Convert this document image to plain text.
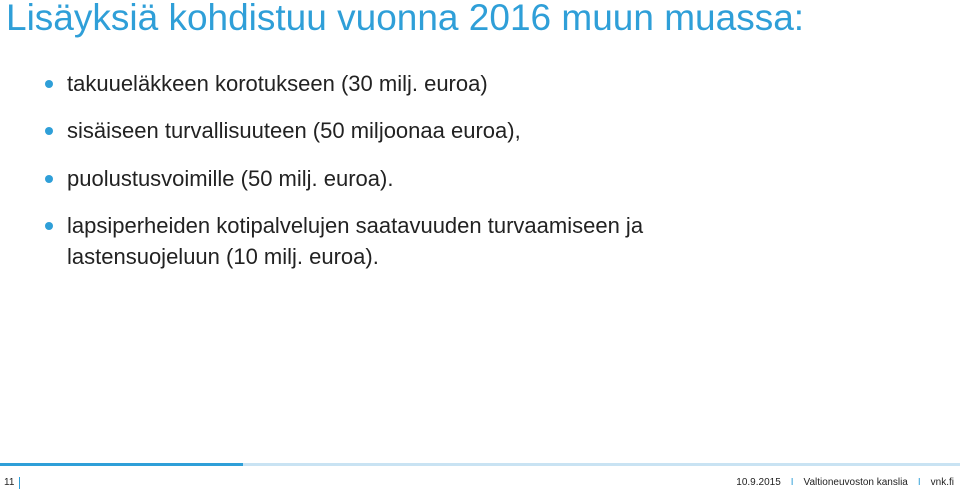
Lisäyksiä kohdistuu vuonna 2016 muun muassa:
takuueläkkeen korotukseen (30 milj. euroa)
sisäiseen turvallisuuteen (50 miljoonaa euroa),
puolustusvoimille (50 milj. euroa).
lapsiperheiden kotipalvelujen saatavuuden turvaamiseen ja
lastensuojeluun (10 milj. euroa).
11	10.9.2015 I Valtioneuvoston kanslia I vnk.fi
